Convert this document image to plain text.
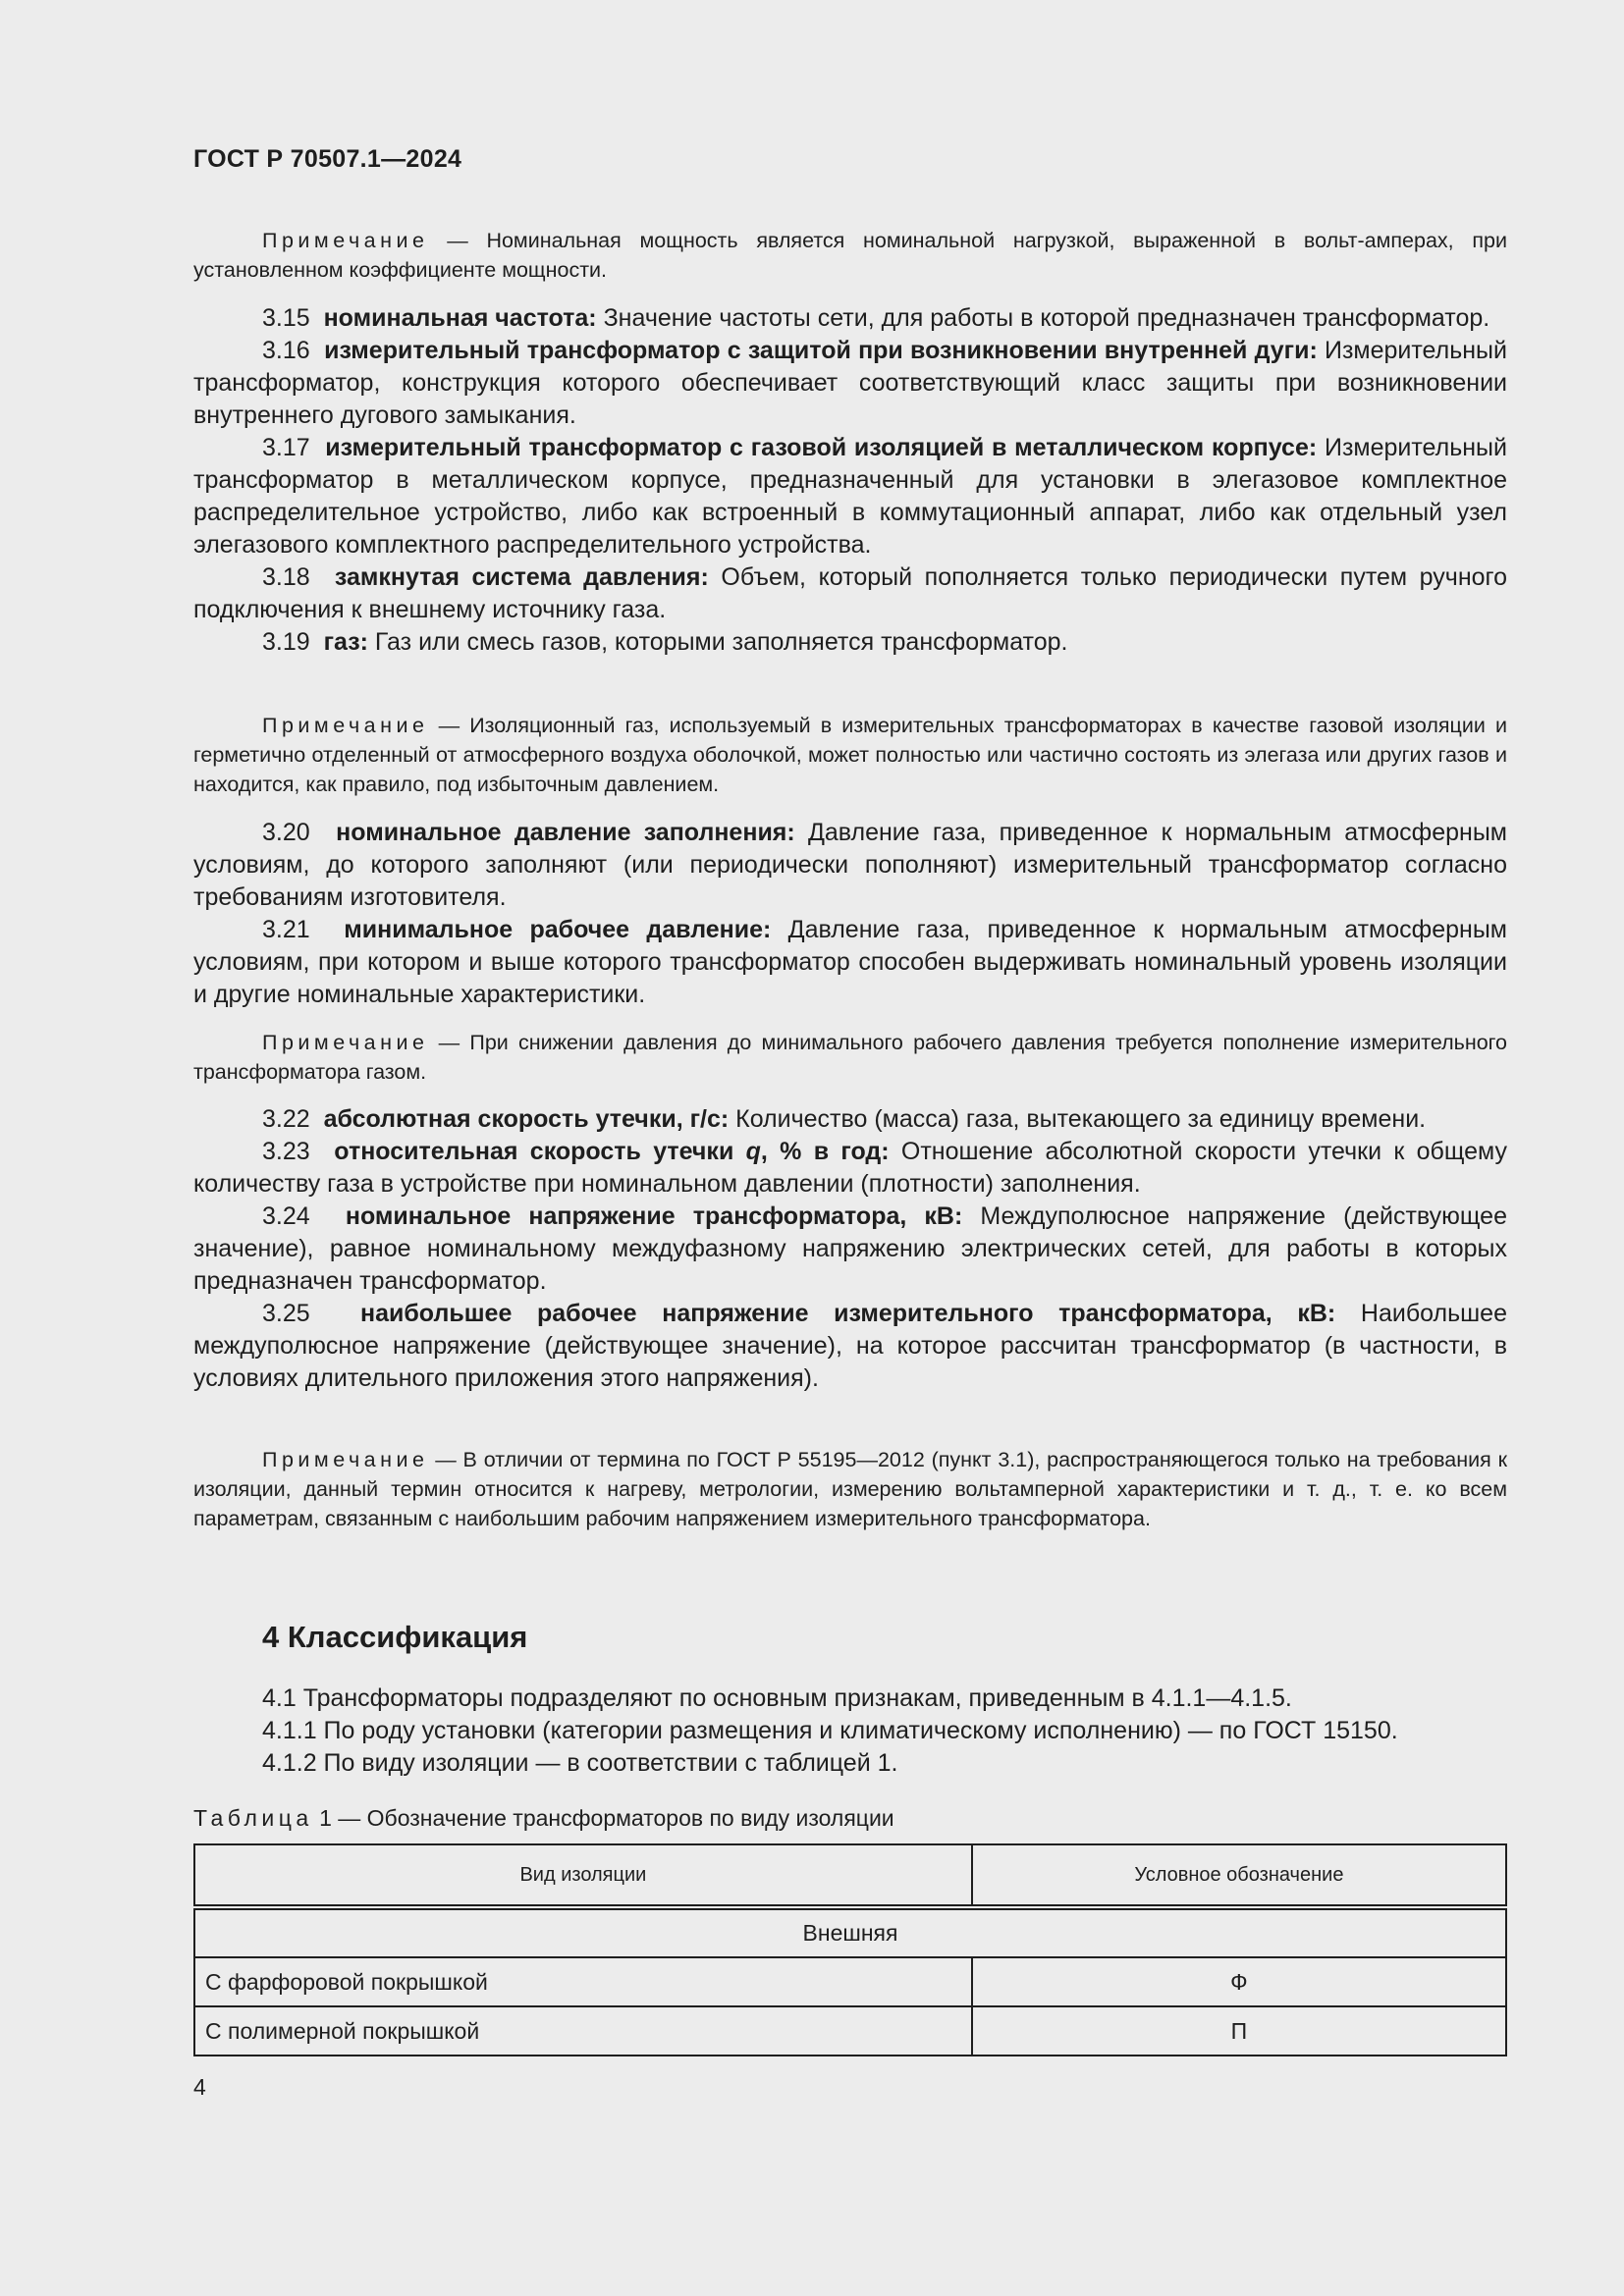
ГОСТ Р 70507.1—2024
Примечание — Номинальная мощность является номинальной нагрузкой, выраженной в вольт-амперах, при установленном коэффициенте мощности.
3.15 номинальная частота: Значение частоты сети, для работы в которой предназначен трансформатор.
3.16 измерительный трансформатор с защитой при возникновении внутренней дуги: Измерительный трансформатор, конструкция которого обеспечивает соответствующий класс защиты при возникновении внутреннего дугового замыкания.
3.17 измерительный трансформатор с газовой изоляцией в металлическом корпусе: Измерительный трансформатор в металлическом корпусе, предназначенный для установки в элегазовое комплектное распределительное устройство, либо как встроенный в коммутационный аппарат, либо как отдельный узел элегазового комплектного распределительного устройства.
3.18 замкнутая система давления: Объем, который пополняется только периодически путем ручного подключения к внешнему источнику газа.
3.19 газ: Газ или смесь газов, которыми заполняется трансформатор.
Примечание — Изоляционный газ, используемый в измерительных трансформаторах в качестве газовой изоляции и герметично отделенный от атмосферного воздуха оболочкой, может полностью или частично состоять из элегаза или других газов и находится, как правило, под избыточным давлением.
3.20 номинальное давление заполнения: Давление газа, приведенное к нормальным атмосферным условиям, до которого заполняют (или периодически пополняют) измерительный трансформатор согласно требованиям изготовителя.
3.21 минимальное рабочее давление: Давление газа, приведенное к нормальным атмосферным условиям, при котором и выше которого трансформатор способен выдерживать номинальный уровень изоляции и другие номинальные характеристики.
Примечание — При снижении давления до минимального рабочего давления требуется пополнение измерительного трансформатора газом.
3.22 абсолютная скорость утечки, г/с: Количество (масса) газа, вытекающего за единицу времени.
3.23 относительная скорость утечки q, % в год: Отношение абсолютной скорости утечки к общему количеству газа в устройстве при номинальном давлении (плотности) заполнения.
3.24 номинальное напряжение трансформатора, кВ: Междуполюсное напряжение (действующее значение), равное номинальному междуфазному напряжению электрических сетей, для работы в которых предназначен трансформатор.
3.25 наибольшее рабочее напряжение измерительного трансформатора, кВ: Наибольшее междуполюсное напряжение (действующее значение), на которое рассчитан трансформатор (в частности, в условиях длительного приложения этого напряжения).
Примечание — В отличии от термина по ГОСТ Р 55195—2012 (пункт 3.1), распространяющегося только на требования к изоляции, данный термин относится к нагреву, метрологии, измерению вольтамперной характеристики и т. д., т. е. ко всем параметрам, связанным с наибольшим рабочим напряжением измерительного трансформатора.
4 Классификация
4.1 Трансформаторы подразделяют по основным признакам, приведенным в 4.1.1—4.1.5.
4.1.1 По роду установки (категории размещения и климатическому исполнению) — по ГОСТ 15150.
4.1.2 По виду изоляции — в соответствии с таблицей 1.
Таблица 1 — Обозначение трансформаторов по виду изоляции
Вид изоляции	Условное обозначение

Внешняя	
С фарфоровой покрышкой	Ф
С полимерной покрышкой	П
4
